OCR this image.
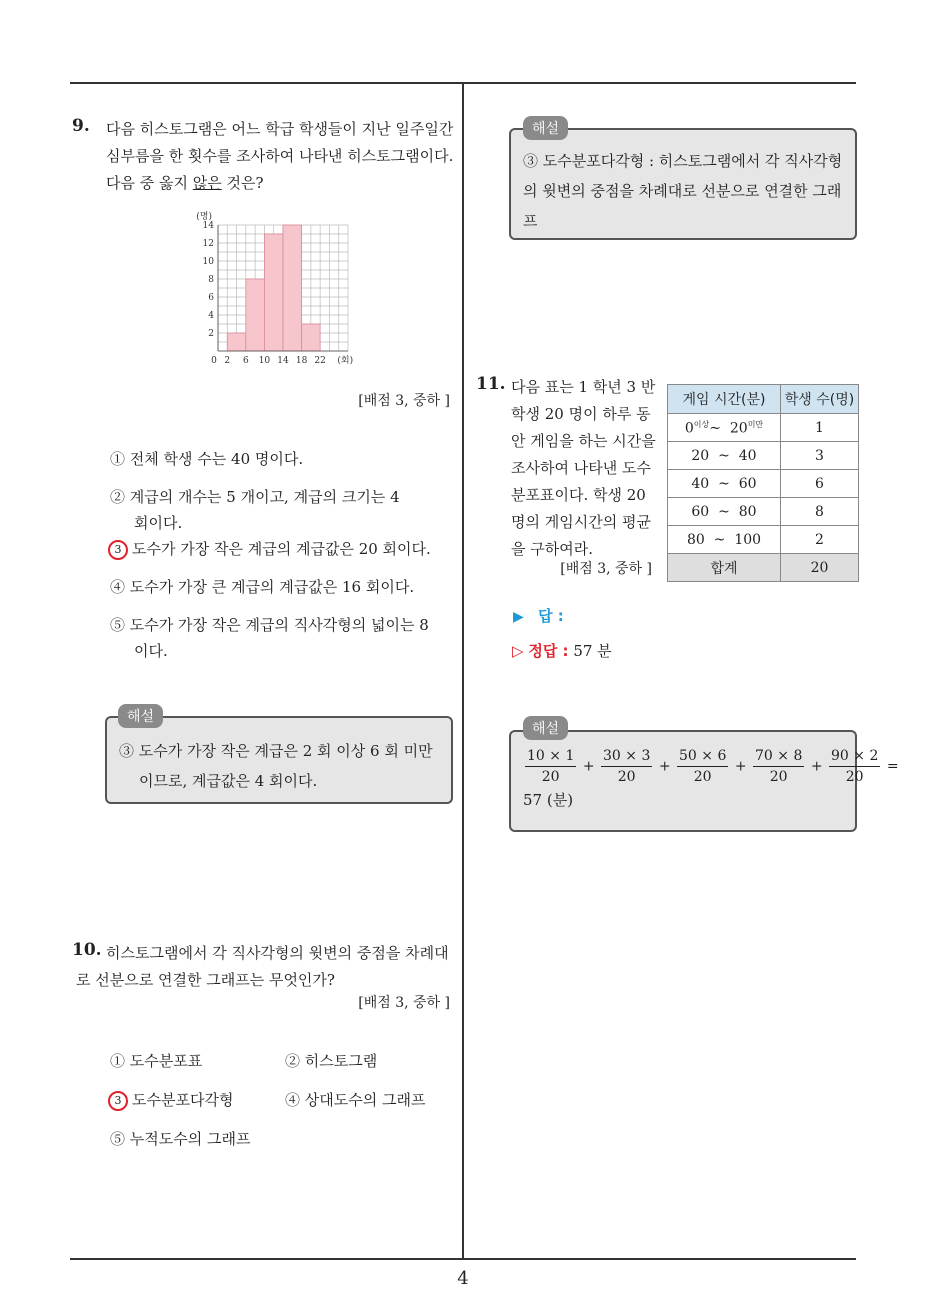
4
9. 다음 히스토그램은 어느 학급 학생들이 지난 일주일간
심부름을 한 횟수를 조사하여 나타낸 히스토그램이다.
다음 중 옳지 않은 것은?
2
4
6
8
10
12
14
0 2 6 10 14 18 22
(명)
(회)
[배점 3, 중하 ]
① 전체 학생 수는 40 명이다.
② 계급의 개수는 5 개이고, 계급의 크기는 4
회이다.
3 도수가 가장 작은 계급의 계급값은 20 회이다.
④ 도수가 가장 큰 계급의 계급값은 16 회이다.
⑤ 도수가 가장 작은 계급의 직사각형의 넓이는 8
이다.
③ 도수가 가장 작은 계급은 2 회 이상 6 회 미만
이므로, 계급값은 4 회이다.
해설
10. 히스토그램에서 각 직사각형의 윗변의 중점을 차례대
로 선분으로 연결한 그래프는 무엇인가?
[배점 3, 중하 ]
① 도수분포표	② 히스토그램
3 도수분포다각형	④ 상대도수의 그래프
⑤ 누적도수의 그래프
③ 도수분포다각형 : 히스토그램에서 각 직사각형
의 윗변의 중점을 차례대로 선분으로 연결한 그래
프
해설
11. 다음 표는 1 학년 3 반
학생 20 명이 하루 동
안 게임을 하는 시간을
조사하여 나타낸 도수
분포표이다. 학생 20
명의 게임시간의 평균
을 구하여라.
[배점 3, 중하 ]
게임 시간(분)	학생 수(명)
$0^{이상}\sim$ $20^{미만}$	1
20 ~ 40	3
40 ~ 60	6
60 ~ 80	8
80 ~ 100	2
합계	20
▶ 답 :
▷ 정답 : 57 분
$\frac{10 \times 1}{20} + \frac{30 \times 3}{20} + \frac{50 \times 6}{20} + \frac{70 \times 8}{20} + \frac{90 \times 2}{20}$ =
57 (분)
해설
